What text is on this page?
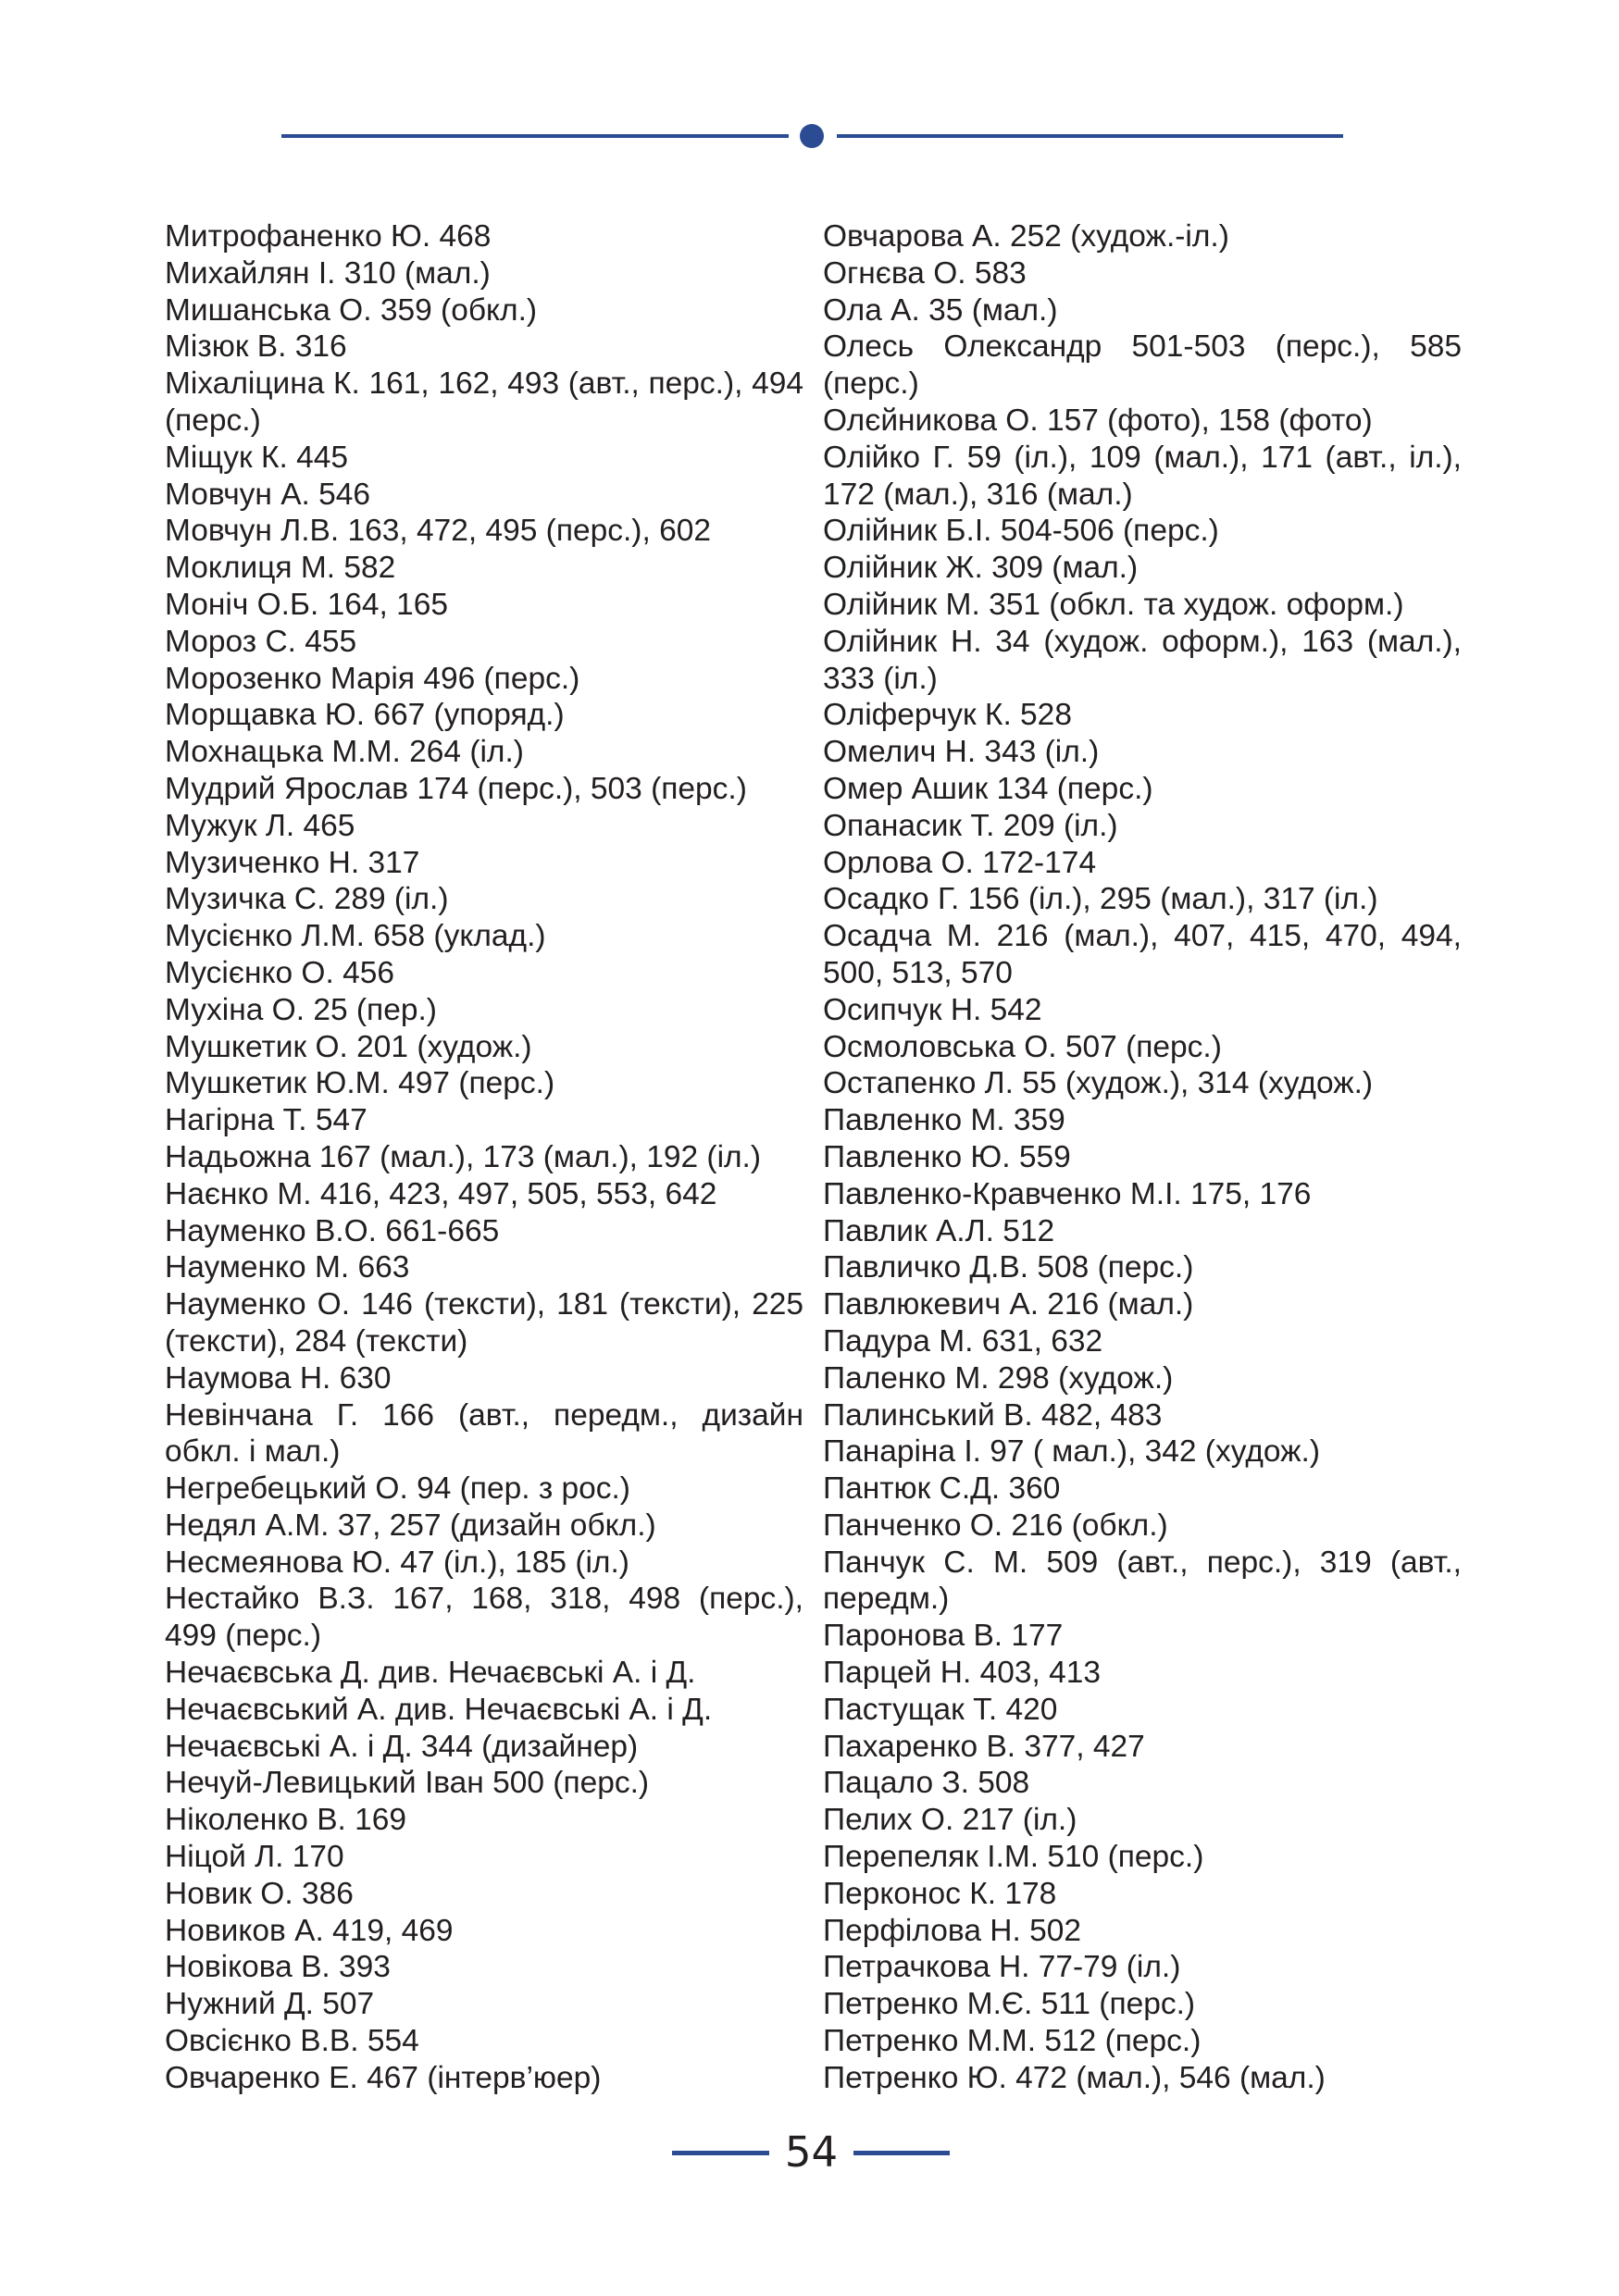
Митрофаненко Ю. 468
Михайлян І. 310 (мал.)
Мишанська О. 359 (обкл.)
Мізюк В. 316
Міхаліцина К. 161, 162, 493 (авт., перс.), 494 (перс.)
Міщук К. 445
Мовчун А. 546
Мовчун Л.В. 163, 472, 495 (перс.), 602
Моклиця М. 582
Моніч О.Б. 164, 165
Мороз С. 455
Морозенко Марія 496 (перс.)
Морщавка Ю. 667 (упоряд.)
Мохнацька М.М. 264 (іл.)
Мудрий Ярослав 174 (перс.), 503 (перс.)
Мужук Л. 465
Музиченко Н. 317
Музичка С. 289 (іл.)
Мусієнко Л.М. 658 (уклад.)
Мусієнко О. 456
Мухіна О. 25 (пер.)
Мушкетик О. 201 (худож.)
Мушкетик Ю.М. 497 (перс.)
Нагірна Т. 547
Надьожна 167 (мал.), 173 (мал.), 192 (іл.)
Наєнко М. 416, 423, 497, 505, 553, 642
Науменко В.О. 661-665
Науменко М. 663
Науменко О. 146 (тексти), 181 (тексти), 225 (тексти), 284 (тексти)
Наумова Н. 630
Невінчана Г. 166 (авт., передм., дизайн обкл. і мал.)
Негребецький О. 94 (пер. з рос.)
Недял А.М. 37, 257 (дизайн обкл.)
Несмеянова Ю. 47 (іл.), 185 (іл.)
Нестайко В.З. 167, 168, 318, 498 (перс.), 499 (перс.)
Нечаєвська Д. див. Нечаєвські А. і Д.
Нечаєвський А. див. Нечаєвські А. і Д.
Нечаєвські А. і Д. 344 (дизайнер)
Нечуй-Левицький Іван 500 (перс.)
Ніколенко В. 169
Ніцой Л. 170
Новик О. 386
Новиков А. 419, 469
Новікова В. 393
Нужний Д. 507
Овсієнко В.В. 554
Овчаренко Е. 467 (інтерв’юер)
Овчарова А. 252 (худож.-іл.)
Огнєва О. 583
Ола А. 35 (мал.)
Олесь Олександр 501-503 (перс.), 585 (перс.)
Олєйникова О. 157 (фото), 158 (фото)
Олійко Г. 59 (іл.), 109 (мал.), 171 (авт., іл.), 172 (мал.), 316 (мал.)
Олійник Б.І. 504-506 (перс.)
Олійник Ж. 309 (мал.)
Олійник М. 351 (обкл. та худож. оформ.)
Олійник Н. 34 (худож. оформ.), 163 (мал.), 333 (іл.)
Оліферчук К. 528
Омелич Н. 343 (іл.)
Омер Ашик 134 (перс.)
Опанасик Т. 209 (іл.)
Орлова О. 172-174
Осадко Г. 156 (іл.), 295 (мал.), 317 (іл.)
Осадча М. 216 (мал.), 407, 415, 470, 494, 500, 513, 570
Осипчук Н. 542
Осмоловська О. 507 (перс.)
Остапенко Л. 55 (худож.), 314 (худож.)
Павленко М. 359
Павленко Ю. 559
Павленко-Кравченко М.І. 175, 176
Павлик А.Л. 512
Павличко Д.В. 508 (перс.)
Павлюкевич А. 216 (мал.)
Падура М. 631, 632
Паленко М. 298 (худож.)
Палинський В. 482, 483
Панаріна І. 97 ( мал.), 342 (худож.)
Пантюк С.Д. 360
Панченко О. 216 (обкл.)
Панчук С. М. 509 (авт., перс.), 319 (авт., передм.)
Паронова В. 177
Парцей Н. 403, 413
Пастущак Т. 420
Пахаренко В. 377, 427
Пацало З. 508
Пелих О. 217 (іл.)
Перепеляк І.М. 510 (перс.)
Перконос К. 178
Перфілова Н. 502
Петрачкова Н. 77-79 (іл.)
Петренко М.Є. 511 (перс.)
Петренко М.М. 512 (перс.)
Петренко Ю. 472 (мал.), 546 (мал.)
54
